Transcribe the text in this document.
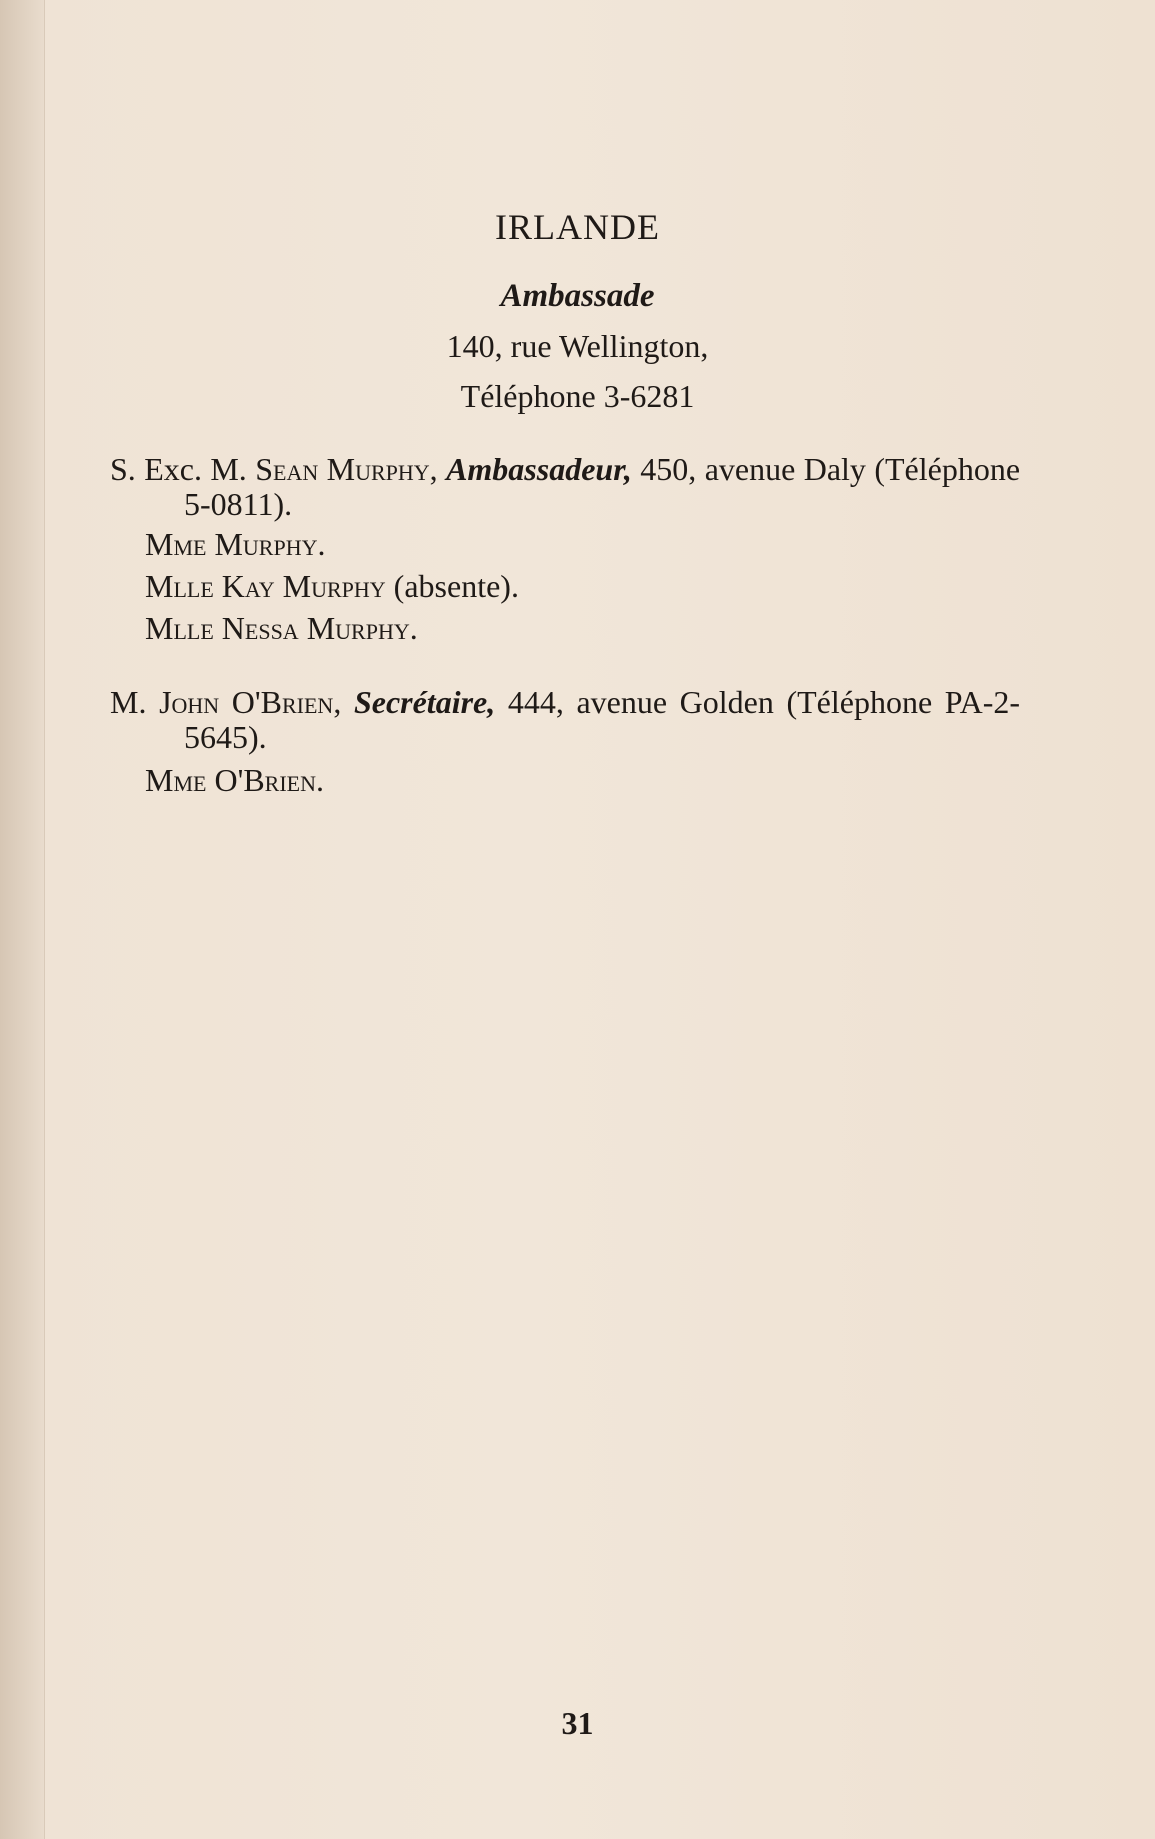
IRLANDE
Ambassade
140, rue Wellington,
Téléphone 3-6281
S. Exc. M. Sean Murphy, Ambassadeur, 450, avenue Daly (Téléphone 5-0811).
Mme Murphy.
Mlle Kay Murphy (absente).
Mlle Nessa Murphy.
M. John O'Brien, Secrétaire, 444, avenue Golden (Téléphone PA-2-5645).
Mme O'Brien.
31
